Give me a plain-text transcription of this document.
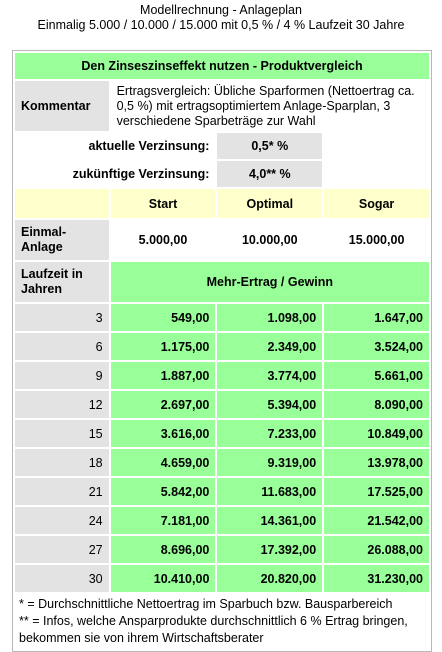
Modellrechnung - Anlageplan
Einmalig 5.000 / 10.000 / 15.000 mit 0,5 % / 4 % Laufzeit 30 Jahre
Den Zinseszinseffekt nutzen - Produktvergleich			
Kommentar	Ertragsvergleich: Übliche Sparformen (Nettoertrag ca. 0,5 %) mit ertragsoptimiertem Anlage-Sparplan, 3 verschiedene Sparbeträge zur Wahl		
aktuelle Verzinsung:		0,5* %	
zukünftige Verzinsung:		4,0** %	
	Start	Optimal	Sogar
Einmal-Anlage	5.000,00	10.000,00	15.000,00
Laufzeit in Jahren	Mehr-Ertrag / Gewinn		
3	549,00	1.098,00	1.647,00
6	1.175,00	2.349,00	3.524,00
9	1.887,00	3.774,00	5.661,00
12	2.697,00	5.394,00	8.090,00
15	3.616,00	7.233,00	10.849,00
18	4.659,00	9.319,00	13.978,00
21	5.842,00	11.683,00	17.525,00
24	7.181,00	14.361,00	21.542,00
27	8.696,00	17.392,00	26.088,00
30	10.410,00	20.820,00	31.230,00

* = Durchschnittliche Nettoertrag im Sparbuch bzw. Bausparbereich
** = Infos, welche Ansparprodukte durchschnittlich 6 % Ertrag bringen, bekommen sie von ihrem Wirtschaftsberater			
